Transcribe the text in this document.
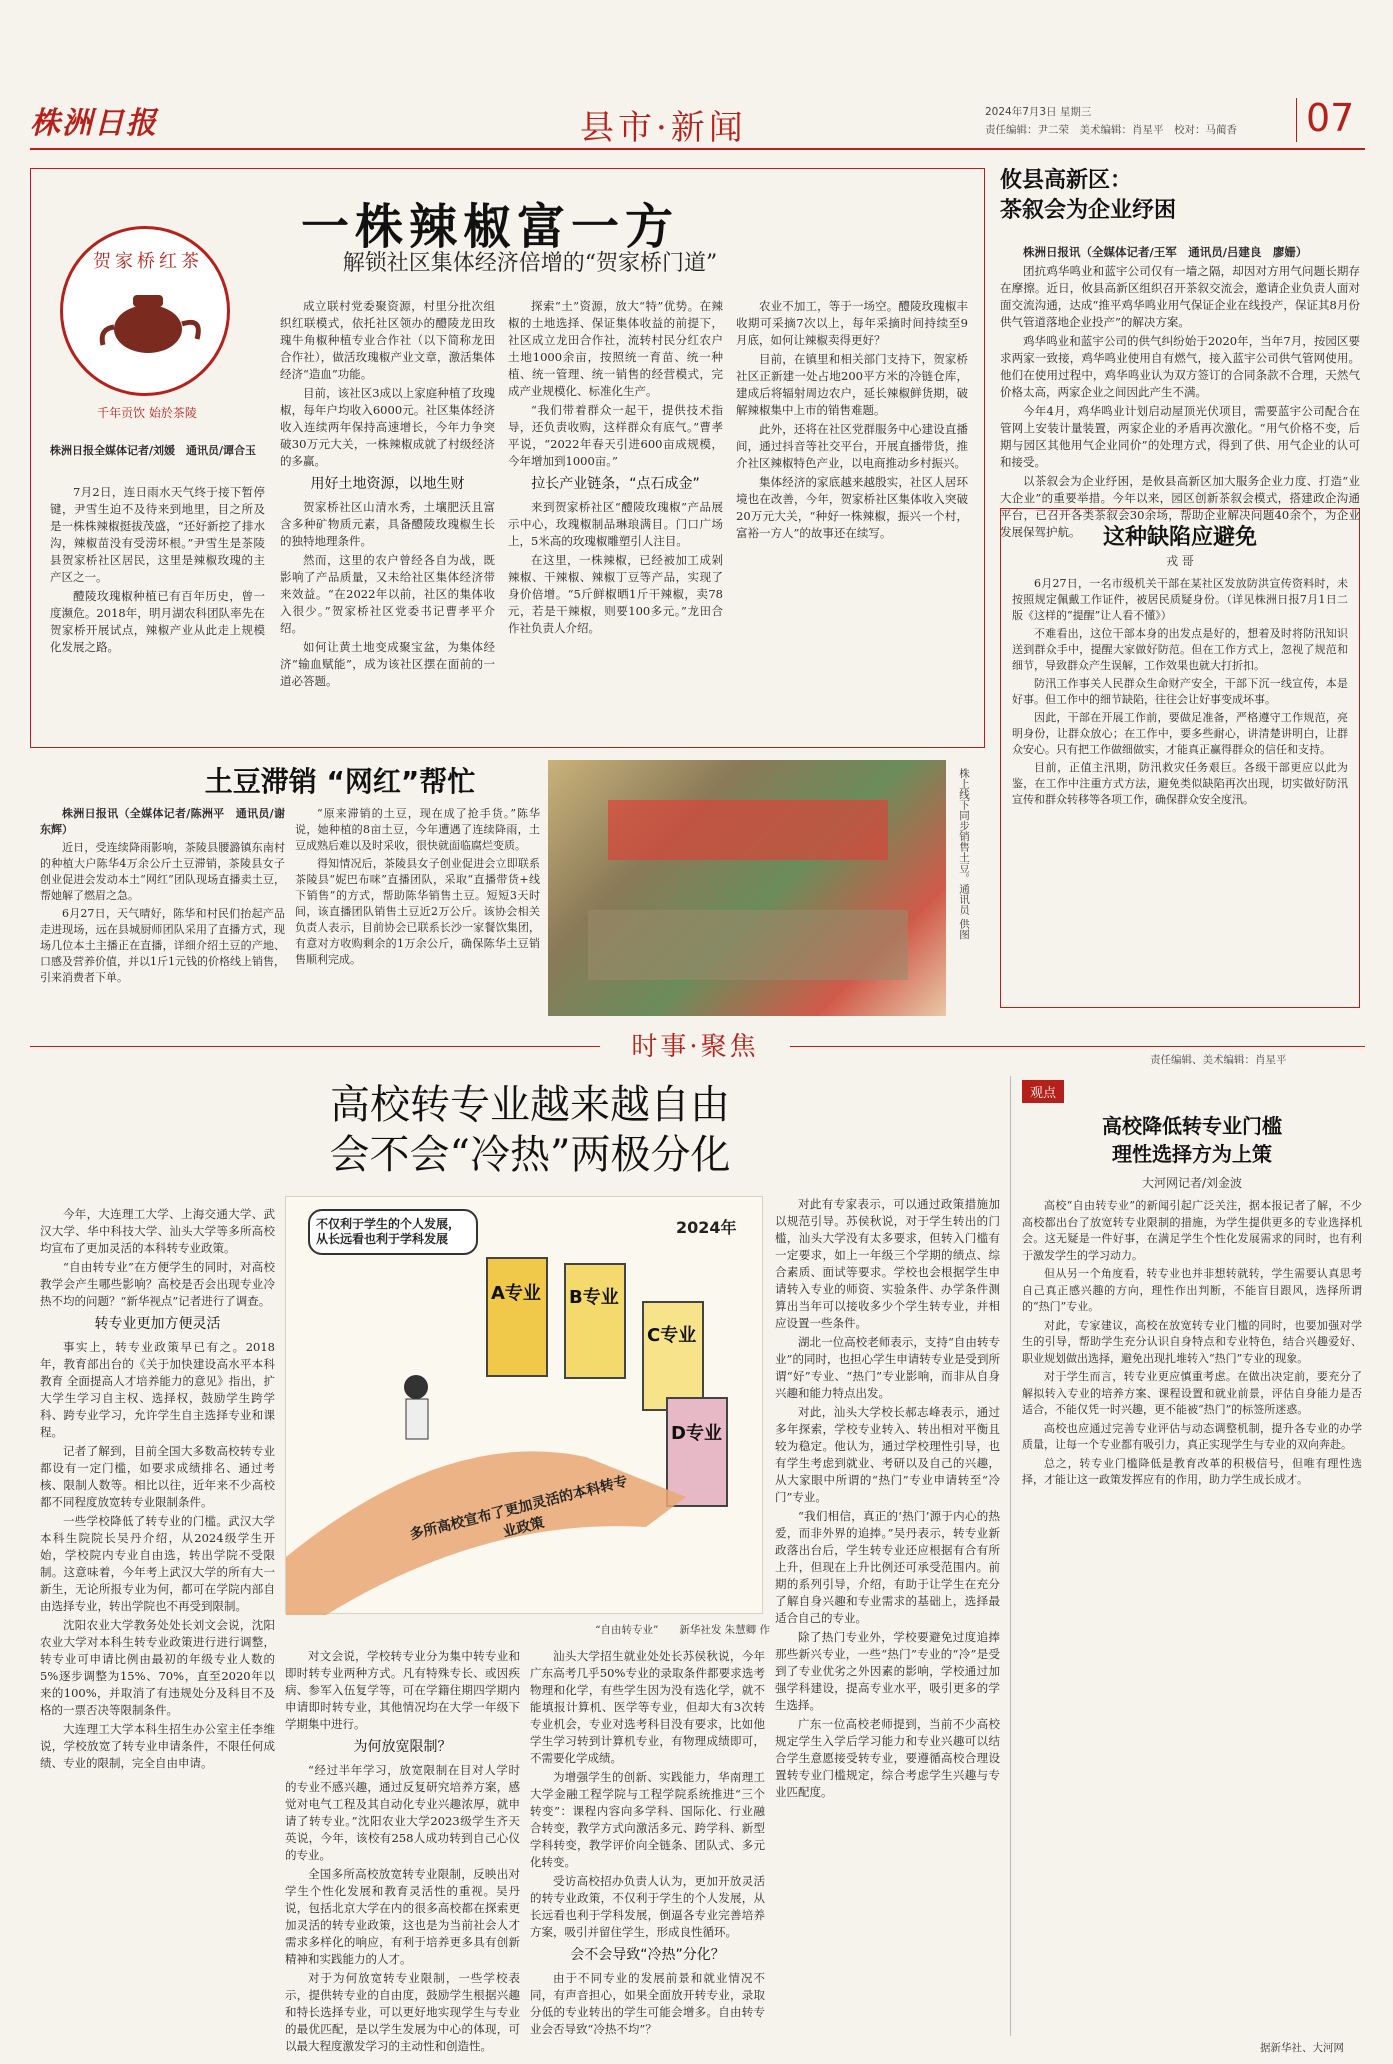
株洲日报	县市·新闻	2024年7月3日 星期三
责任编辑：尹二荣　美术编辑：肖星平　校对：马蔺香 07
一株辣椒富一方
解锁社区集体经济倍增的“贺家桥门道”
贺家桥红茶
千年贡饮 始於茶陵
株洲日报全媒体记者/刘媛　通讯员/谭合玉

7月2日，连日雨水天气终于接下暂停键，尹雪生迫不及待来到地里，目之所及是一株株辣椒挺拔茂盛，“还好新挖了排水沟，辣椒苗没有受涝坏根。”尹雪生是茶陵县贺家桥社区居民，这里是辣椒玫瑰的主产区之一。

醴陵玫瑰椒种植已有百年历史，曾一度濒危。2018年，明月湖农科团队率先在贺家桥开展试点，辣椒产业从此走上规模化发展之路。

成立联村党委聚资源，村里分批次组织红联模式，依托社区领办的醴陵龙田玫瑰牛角椒种植专业合作社（以下简称龙田合作社），做活玫瑰椒产业文章，激活集体经济“造血”功能。

目前，该社区3成以上家庭种植了玫瑰椒，每年户均收入6000元。社区集体经济收入连续两年保持高速增长，今年力争突破30万元大关，一株辣椒成就了村级经济的多赢。

用好土地资源，以地生财

贺家桥社区山清水秀，土壤肥沃且富含多种矿物质元素，具备醴陵玫瑰椒生长的独特地理条件。

然而，这里的农户曾经各自为战，既影响了产品质量，又未给社区集体经济带来效益。“在2022年以前，社区的集体收入很少。”贺家桥社区党委书记曹孝平介绍。

如何让黄土地变成聚宝盆，为集体经济“输血赋能”，成为该社区摆在面前的一道必答题。

探索“土”资源，放大“特”优势。在辣椒的土地选择、保证集体收益的前提下，社区成立龙田合作社，流转村民分红农户土地1000余亩，按照统一育苗、统一种植、统一管理、统一销售的经营模式，完成产业规模化、标准化生产。

“我们带着群众一起干，提供技术指导，还负责收购，这样群众有底气。”曹孝平说，“2022年春天引进600亩成规模，今年增加到1000亩。”

拉长产业链条，“点石成金”

来到贺家桥社区“醴陵玫瑰椒”产品展示中心，玫瑰椒制品琳琅满目。门口广场上，5米高的玫瑰椒雕塑引人注目。

在这里，一株辣椒，已经被加工成剁辣椒、干辣椒、辣椒丁豆等产品，实现了身价倍增。“5斤鲜椒晒1斤干辣椒，卖78元，若是干辣椒，则要100多元。”龙田合作社负责人介绍。

农业不加工，等于一场空。醴陵玫瑰椒丰收期可采摘7次以上，每年采摘时间持续至9月底，如何让辣椒卖得更好？

目前，在镇里和相关部门支持下，贺家桥社区正新建一处占地200平方米的冷链仓库，建成后将辐射周边农户，延长辣椒鲜货期，破解辣椒集中上市的销售难题。

此外，还将在社区党群服务中心建设直播间，通过抖音等社交平台，开展直播带货，推介社区辣椒特色产业，以电商推动乡村振兴。

集体经济的家底越来越殷实，社区人居环境也在改善，今年，贺家桥社区集体收入突破20万元大关，“种好一株辣椒，振兴一个村，富裕一方人”的故事还在续写。

攸县高新区：
茶叙会为企业纾困

株洲日报讯（全媒体记者/王军　通讯员/吕建良　廖姗）

团抗鸡华鸣业和蓝宇公司仅有一墙之隔，却因对方用气问题长期存在摩擦。近日，攸县高新区组织召开茶叙交流会，邀请企业负责人面对面交流沟通，达成“推平鸡华鸣业用气保证企业在线投产，保证其8月份供气管道落地企业投产”的解决方案。

鸡华鸣业和蓝宇公司的供气纠纷始于2020年，当年7月，按园区要求两家一致接，鸡华鸣业使用自有燃气，接入蓝宇公司供气管网使用。他们在使用过程中，鸡华鸣业认为双方签订的合同条款不合理，天然气价格太高，两家企业之间因此产生不满。

今年4月，鸡华鸣业计划启动屋顶光伏项目，需要蓝宇公司配合在管网上安装计量装置，两家企业的矛盾再次激化。“用气价格不变，后期与园区其他用气企业同价”的处理方式，得到了供、用气企业的认可和接受。

以茶叙会为企业纾困，是攸县高新区加大服务企业力度、打造“业大企业”的重要举措。今年以来，园区创新茶叙会模式，搭建政企沟通平台，已召开各类茶叙会30余场，帮助企业解决问题40余个，为企业发展保驾护航。	这种缺陷应避免
戎 哥

6月27日，一名市级机关干部在某社区发放防洪宣传资料时，未按照规定佩戴工作证件，被居民质疑身份。（详见株洲日报7月1日二版《这样的“提醒”让人看不懂》）

不难看出，这位干部本身的出发点是好的，想着及时将防汛知识送到群众手中，提醒大家做好防范。但在工作方式上，忽视了规范和细节，导致群众产生误解，工作效果也就大打折扣。

防汛工作事关人民群众生命财产安全，干部下沉一线宣传，本是好事。但工作中的细节缺陷，往往会让好事变成坏事。

因此，干部在开展工作前，要做足准备，严格遵守工作规范，亮明身份，让群众放心；在工作中，要多些耐心，讲清楚讲明白，让群众安心。只有把工作做细做实，才能真正赢得群众的信任和支持。

目前，正值主汛期，防汛救灾任务艰巨。各级干部更应以此为鉴，在工作中注重方式方法，避免类似缺陷再次出现，切实做好防汛宣传和群众转移等各项工作，确保群众安全度汛。

土豆滞销 “网红”帮忙

株洲日报讯（全媒体记者/陈洲平　通讯员/谢东辉）

近日，受连续降雨影响，茶陵县腰潞镇东南村的种植大户陈华4万余公斤土豆滞销，茶陵县女子创业促进会发动本土“网红”团队现场直播卖土豆，帮她解了燃眉之急。

6月27日，天气晴好，陈华和村民们抬起产品走进现场，远在县城厨师团队采用了直播方式，现场几位本土主播正在直播，详细介绍土豆的产地、口感及营养价值，并以1斤1元钱的价格线上销售，引来消费者下单。

“原来滞销的土豆，现在成了抢手货。”陈华说，她种植的8亩土豆，今年遭遇了连续降雨，土豆成熟后难以及时采收，很快就面临腐烂变质。

得知情况后，茶陵县女子创业促进会立即联系茶陵县“妮巴布咪”直播团队，采取“直播带货+线下销售”的方式，帮助陈华销售土豆。短短3天时间，该直播团队销售土豆近2万公斤。该协会相关负责人表示，目前协会已联系长沙一家餐饮集团，有意对方收购剩余的1万余公斤，确保陈华土豆销售顺利完成。

株上线下同步销售土豆。通讯员 供图
时事·聚焦	责任编辑、美术编辑：肖星平
高校转专业越来越自由
会不会“冷热”两极分化
不仅利于学生的个人发展，从长远看也利于学科发展
2024年
A专业 B专业
C专业
D专业
多所高校宣布了更加灵活的本科转专业政策
“自由转专业”　　新华社发 朱慧卿 作

今年，大连理工大学、上海交通大学、武汉大学、华中科技大学、汕头大学等多所高校均宣布了更加灵活的本科转专业政策。

“自由转专业”在方便学生的同时，对高校教学会产生哪些影响？高校是否会出现专业冷热不均的问题？“新华视点”记者进行了调查。

转专业更加方便灵活

事实上，转专业政策早已有之。2018年，教育部出台的《关于加快建设高水平本科教育 全面提高人才培养能力的意见》指出，扩大学生学习自主权、选择权，鼓励学生跨学科、跨专业学习，允许学生自主选择专业和课程。

记者了解到，目前全国大多数高校转专业都设有一定门槛，如要求成绩排名、通过考核、限制人数等。相比以往，近年来不少高校都不同程度放宽转专业限制条件。

一些学校降低了转专业的门槛。武汉大学本科生院院长吴丹介绍，从2024级学生开始，学校院内专业自由选，转出学院不受限制。这意味着，今年考上武汉大学的所有大一新生，无论所报专业为何，都可在学院内部自由选择专业，转出学院也不再受到限制。

沈阳农业大学教务处处长刘文会说，沈阳农业大学对本科生转专业政策进行进行调整，转专业可申请比例由最初的年级专业人数的5%逐步调整为15%、70%，直至2020年以来的100%，并取消了有违规处分及科目不及格的一票否决等限制条件。

大连理工大学本科生招生办公室主任李维说，学校放宽了转专业申请条件，不限任何成绩、专业的限制，完全自由申请。

对文会说，学校转专业分为集中转专业和即时转专业两种方式。凡有特殊专长、或因疾病、参军入伍复学等，可在学籍住期四学期内申请即时转专业，其他情况均在大学一年级下学期集中进行。

为何放宽限制？

“经过半年学习，放宽限制在目对人学时的专业不感兴趣，通过反复研究培养方案，感觉对电气工程及其自动化专业兴趣浓厚，就申请了转专业。”沈阳农业大学2023级学生齐天英说，今年，该校有258人成功转到自己心仪的专业。

全国多所高校放宽转专业限制，反映出对学生个性化发展和教育灵活性的重视。吴丹说，包括北京大学在内的很多高校都在探索更加灵活的转专业政策，这也是为当前社会人才需求多样化的响应，有利于培养更多具有创新精神和实践能力的人才。

对于为何放宽转专业限制，一些学校表示，提供转专业的自由度，鼓励学生根据兴趣和特长选择专业，可以更好地实现学生与专业的最优匹配，是以学生发展为中心的体现，可以最大程度激发学习的主动性和创造性。

汕头大学招生就业处处长苏侯秋说，今年广东高考几乎50%专业的录取条件都要求选考物理和化学，有些学生因为没有选化学，就不能填报计算机、医学等专业，但却大有3次转专业机会，专业对选考科目没有要求，比如他学生学习转到计算机专业，有物理成绩即可，不需要化学成绩。

为增强学生的创新、实践能力，华南理工大学金融工程学院与工程学院系统推进“三个转变”：课程内容向多学科、国际化、行业融合转变，教学方式向激活多元、跨学科、新型学科转变，教学评价向全链条、团队式、多元化转变。

受访高校招办负责人认为，更加开放灵活的转专业政策，不仅利于学生的个人发展，从长远看也利于学科发展，倒逼各专业完善培养方案，吸引并留住学生，形成良性循环。

会不会导致“冷热”分化？

由于不同专业的发展前景和就业情况不同，有声音担心，如果全面放开转专业，录取分低的专业转出的学生可能会增多。自由转专业会否导致“冷热不均”？

对此有专家表示，可以通过政策措施加以规范引导。苏侯秋说，对于学生转出的门槛，汕头大学没有太多要求，但转入门槛有一定要求，如上一年级三个学期的绩点、综合素质、面试等要求。学校也会根据学生申请转入专业的师资、实验条件、办学条件测算出当年可以接收多少个学生转专业，并相应设置一些条件。

湖北一位高校老师表示，支持“自由转专业”的同时，也担心学生申请转专业是受到所谓“好”专业、“热门”专业影响，而非从自身兴趣和能力特点出发。

对此，汕头大学校长郝志峰表示，通过多年探索，学校专业转入、转出相对平衡且较为稳定。他认为，通过学校理性引导，也有学生考虑到就业、考研以及自己的兴趣，从大家眼中所谓的“热门”专业申请转至“冷门”专业。

“我们相信，真正的‘热门’源于内心的热爱，而非外界的追捧。”吴丹表示，转专业新政落出台后，学生转专业还应根据有合有所上升，但现在上升比例还可承受范围内。前期的系列引导，介绍，有助于让学生在充分了解自身兴趣和专业需求的基础上，选择最适合自己的专业。

除了热门专业外，学校要避免过度追捧那些新兴专业，一些“热门”专业的“冷”是受到了专业优劣之外因素的影响，学校通过加强学科建设，提高专业水平，吸引更多的学生选择。

广东一位高校老师提到，当前不少高校规定学生入学后学习能力和专业兴趣可以结合学生意愿接受转专业，要遵循高校合理设置转专业门槛规定，综合考虑学生兴趣与专业匹配度。

观点
高校降低转专业门槛
理性选择方为上策
大河网记者/刘金波

高校“自由转专业”的新闻引起广泛关注，据本报记者了解，不少高校都出台了放宽转专业限制的措施，为学生提供更多的专业选择机会。这无疑是一件好事，在满足学生个性化发展需求的同时，也有利于激发学生的学习动力。

但从另一个角度看，转专业也并非想转就转，学生需要认真思考自己真正感兴趣的方向，理性作出判断，不能盲目跟风，选择所谓的“热门”专业。

对此，专家建议，高校在放宽转专业门槛的同时，也要加强对学生的引导，帮助学生充分认识自身特点和专业特色，结合兴趣爱好、职业规划做出选择，避免出现扎堆转入“热门”专业的现象。

对于学生而言，转专业更应慎重考虑。在做出决定前，要充分了解拟转入专业的培养方案、课程设置和就业前景，评估自身能力是否适合，不能仅凭一时兴趣，更不能被“热门”的标签所迷惑。

高校也应通过完善专业评估与动态调整机制，提升各专业的办学质量，让每一个专业都有吸引力，真正实现学生与专业的双向奔赴。

总之，转专业门槛降低是教育改革的积极信号，但唯有理性选择，才能让这一政策发挥应有的作用，助力学生成长成才。

据新华社、大河网
